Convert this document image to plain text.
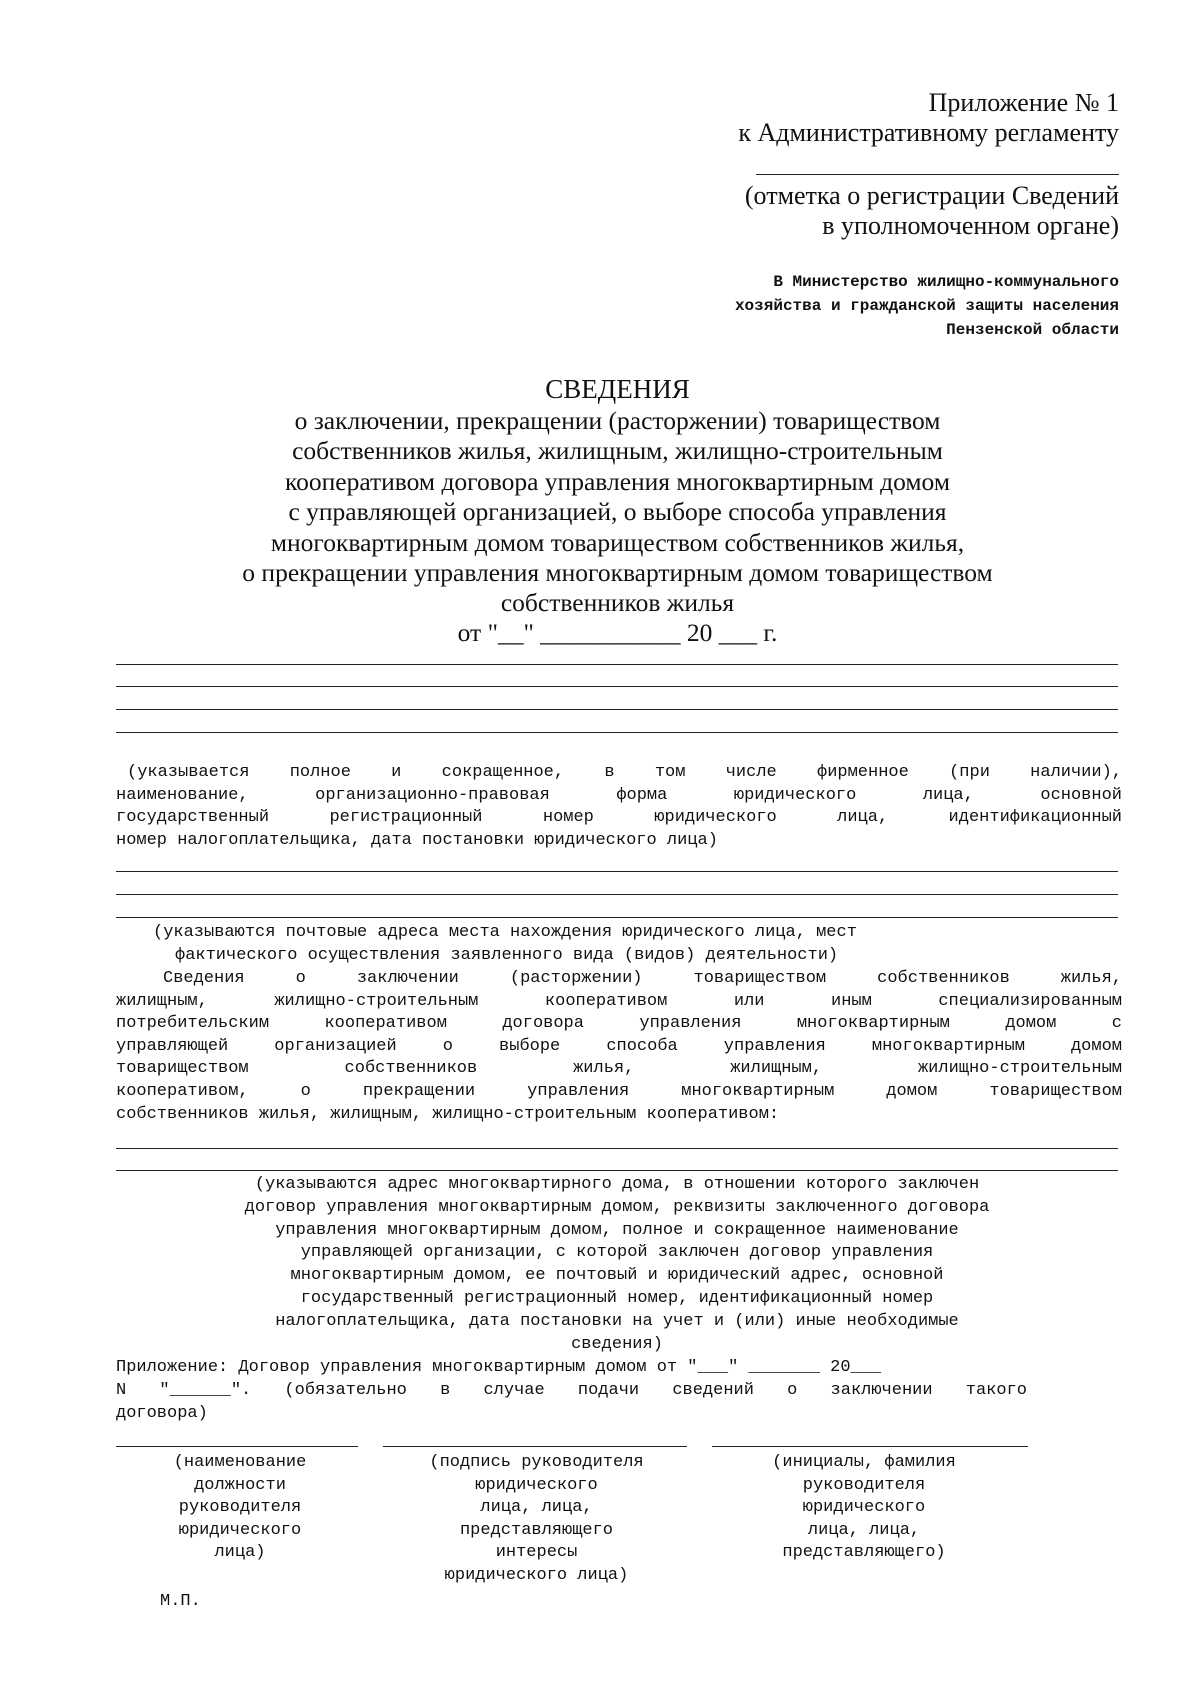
Приложение № 1
к Административному регламенту
(отметка о регистрации Сведений
в уполномоченном органе)
В Министерство жилищно-коммунального
хозяйства и гражданской защиты населения
Пензенской области
СВЕДЕНИЯ
о заключении, прекращении (расторжении) товариществом
собственников жилья, жилищным, жилищно-строительным
кооперативом договора управления многоквартирным домом
с управляющей организацией, о выборе способа управления
многоквартирным домом товариществом собственников жилья,
о прекращении управления многоквартирным домом товариществом
собственников жилья
от "__" ___________ 20 ___ г.
(указывается полное и сокращенное, в том числе фирменное (при наличии),
наименование, организационно-правовая форма юридического лица, основной
государственный регистрационный номер юридического лица, идентификационный
номер налогоплательщика, дата постановки юридического лица)
(указываются почтовые адреса места нахождения юридического лица, мест
фактического осуществления заявленного вида (видов) деятельности)
Сведения о заключении (расторжении) товариществом собственников жилья,
жилищным, жилищно-строительным кооперативом или иным специализированным
потребительским кооперативом договора управления многоквартирным домом с
управляющей организацией о выборе способа управления многоквартирным домом
товариществом собственников жилья, жилищным, жилищно-строительным
кооперативом, о прекращении управления многоквартирным домом товариществом
собственников жилья, жилищным, жилищно-строительным кооперативом:
(указываются адрес многоквартирного дома, в отношении которого заключен
договор управления многоквартирным домом, реквизиты заключенного договора
управления многоквартирным домом, полное и сокращенное наименование
управляющей организации, с которой заключен договор управления
многоквартирным домом, ее почтовый и юридический адрес, основной
государственный регистрационный номер, идентификационный номер
налогоплательщика, дата постановки на учет и (или) иные необходимые
сведения)
Приложение: Договор управления многоквартирным домом от "___" _______ 20___
N "______". (обязательно в случае подачи сведений о заключении такого
договора)
(наименование
должности
руководителя
юридического
лица)
(подпись руководителя
юридического
лица, лица,
представляющего
интересы
юридического лица)
(инициалы, фамилия
руководителя
юридического
лица, лица,
представляющего)
М.П.
